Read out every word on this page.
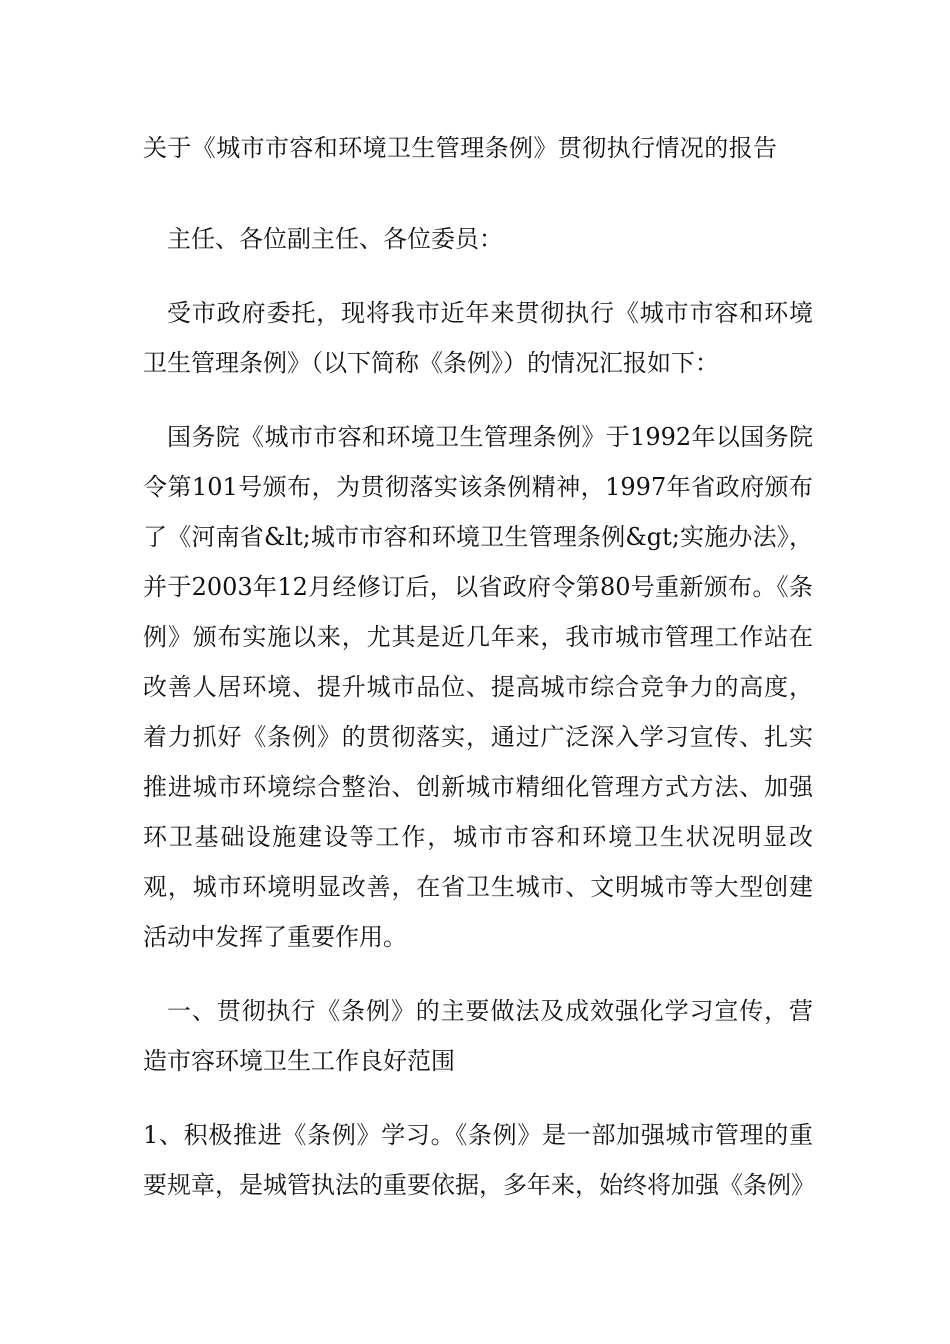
关于《城市市容和环境卫生管理条例》贯彻执行情况的报告

主任、各位副主任、各位委员：

受市政府委托，现将我市近年来贯彻执行《城市市容和环境卫生管理条例》（以下简称《条例》）的情况汇报如下：

国务院《城市市容和环境卫生管理条例》于1992年以国务院令第101号颁布，为贯彻落实该条例精神，1997年省政府颁布了《河南省&lt;城市市容和环境卫生管理条例&gt;实施办法》，并于2003年12月经修订后，以省政府令第80号重新颁布。《条例》颁布实施以来，尤其是近几年来，我市城市管理工作站在改善人居环境、提升城市品位、提高城市综合竞争力的高度，着力抓好《条例》的贯彻落实，通过广泛深入学习宣传、扎实推进城市环境综合整治、创新城市精细化管理方式方法、加强环卫基础设施建设等工作，城市市容和环境卫生状况明显改观，城市环境明显改善，在省卫生城市、文明城市等大型创建活动中发挥了重要作用。

一、贯彻执行《条例》的主要做法及成效强化学习宣传，营造市容环境卫生工作良好范围

1、积极推进《条例》学习。《条例》是一部加强城市管理的重要规章，是城管执法的重要依据，多年来，始终将加强《条例》
